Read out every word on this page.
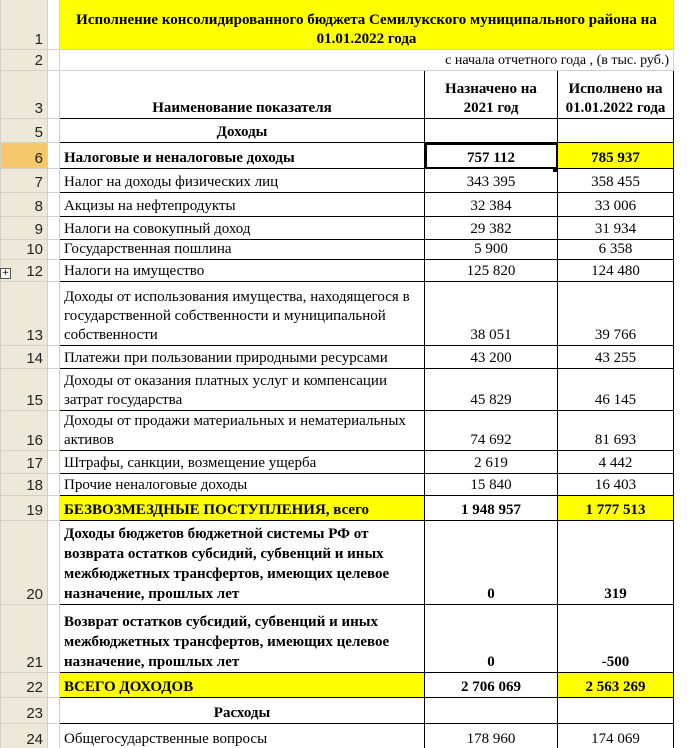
1		Исполнение консолидированного бюджета Семилукского муниципального района на 01.01.2022 года		
2		с начала отчетного года , (в тыс. руб.)		
3		Наименование показателя	Назначено на 2021 год	Исполнено на 01.01.2022 года
5		Доходы		
6		Налоговые и неналоговые доходы	757 112	785 937
7		Налог на доходы физических лиц	343 395	358 455
8		Акцизы на нефтепродукты	32 384	33 006
9		Налоги на совокупный доход	29 382	31 934
10		Государственная пошлина	5 900	6 358
12		Налоги на имущество	125 820	124 480
13		Доходы от использования имущества, находящегося в государственной собственности и муниципальной собственности	38 051	39 766
14		Платежи при пользовании природными ресурсами	43 200	43 255
15		Доходы от оказания платных услуг и компенсации затрат государства	45 829	46 145
16		Доходы от продажи материальных и нематериальных активов	74 692	81 693
17		Штрафы, санкции, возмещение ущерба	2 619	4 442
18		Прочие неналоговые доходы	15 840	16 403
19		БЕЗВОЗМЕЗДНЫЕ ПОСТУПЛЕНИЯ, всего	1 948 957	1 777 513
20		Доходы бюджетов бюджетной системы РФ от возврата остатков субсидий, субвенций и иных межбюджетных трансфертов, имеющих целевое назначение, прошлых лет	0	319
21		Возврат остатков субсидий, субвенций и иных межбюджетных трансфертов, имеющих целевое назначение, прошлых лет	0	-500
22		ВСЕГО ДОХОДОВ	2 706 069	2 563 269
23		Расходы		
24		Общегосударственные вопросы	178 960	174 069
+
